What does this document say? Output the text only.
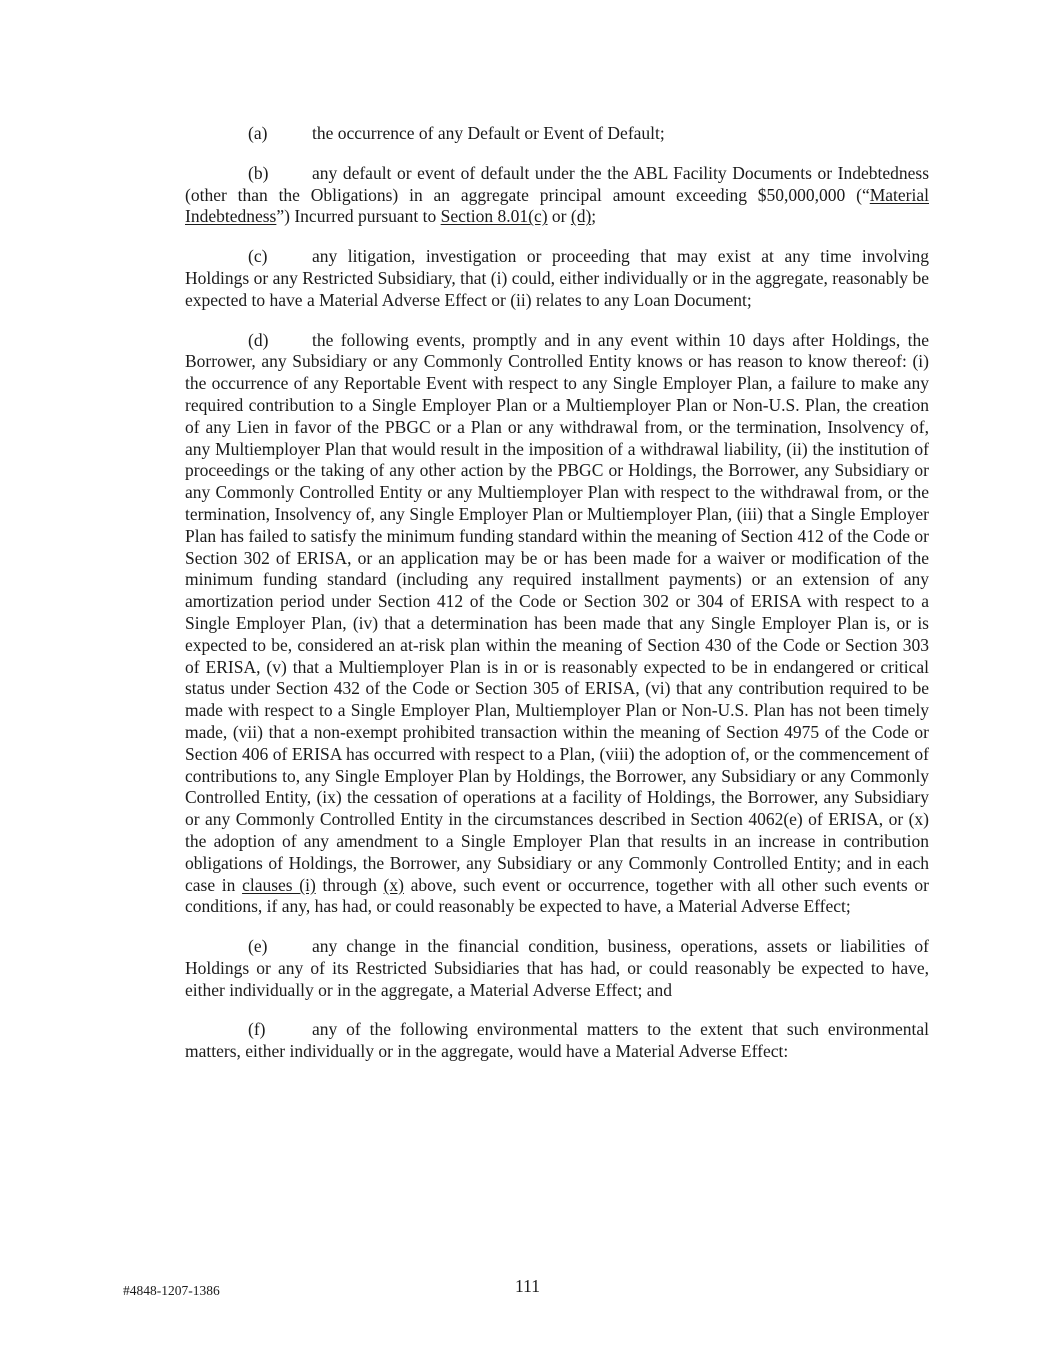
(a)	the occurrence of any Default or Event of Default;

(b) any default or event of default under the the ABL Facility Documents or Indebtedness (other than the Obligations) in an aggregate principal amount exceeding $50,000,000 (“Material Indebtedness”) Incurred pursuant to Section 8.01(c) or (d);

(c)	any litigation, investigation or proceeding that may exist at any time involving Holdings or any Restricted Subsidiary, that (i) could, either individually or in the aggregate, reasonably be expected to have a Material Adverse Effect or (ii) relates to any Loan Document;

(d) the following events, promptly and in any event within 10 days after Holdings, the Borrower, any Subsidiary or any Commonly Controlled Entity knows or has reason to know thereof: (i) the occurrence of any Reportable Event with respect to any Single Employer Plan, a failure to make any required contribution to a Single Employer Plan or a Multiemployer Plan or Non-U.S. Plan, the creation of any Lien in favor of the PBGC or a Plan or any withdrawal from, or the termination, Insolvency of, any Multiemployer Plan that would result in the imposition of a withdrawal liability, (ii) the institution of proceedings or the taking of any other action by the PBGC or Holdings, the Borrower, any Subsidiary or any Commonly Controlled Entity or any Multiemployer Plan with respect to the withdrawal from, or the termination, Insolvency of, any Single Employer Plan or Multiemployer Plan, (iii) that a Single Employer Plan has failed to satisfy the minimum funding standard within the meaning of Section 412 of the Code or Section 302 of ERISA, or an application may be or has been made for a waiver or modification of the minimum funding standard (including any required installment payments) or an extension of any amortization period under Section 412 of the Code or Section 302 or 304 of ERISA with respect to a Single Employer Plan, (iv) that a determination has been made that any Single Employer Plan is, or is expected to be, considered an at-risk plan within the meaning of Section 430 of the Code or Section 303 of ERISA, (v) that a Multiemployer Plan is in or is reasonably expected to be in endangered or critical status under Section 432 of the Code or Section 305 of ERISA, (vi) that any contribution required to be made with respect to a Single Employer Plan, Multiemployer Plan or Non-U.S. Plan has not been timely made, (vii) that a non-exempt prohibited transaction within the meaning of Section 4975 of the Code or Section 406 of ERISA has occurred with respect to a Plan, (viii) the adoption of, or the commencement of contributions to, any Single Employer Plan by Holdings, the Borrower, any Subsidiary or any Commonly Controlled Entity, (ix) the cessation of operations at a facility of Holdings, the Borrower, any Subsidiary or any Commonly Controlled Entity in the circumstances described in Section 4062(e) of ERISA, or (x) the adoption of any amendment to a Single Employer Plan that results in an increase in contribution obligations of Holdings, the Borrower, any Subsidiary or any Commonly Controlled Entity; and in each case in clauses (i) through (x) above, such event or occurrence, together with all other such events or conditions, if any, has had, or could reasonably be expected to have, a Material Adverse Effect;

(e)	any change in the financial condition, business, operations, assets or liabilities of Holdings or any of its Restricted Subsidiaries that has had, or could reasonably be expected to have, either individually or in the aggregate, a Material Adverse Effect; and

(f)	any of the following environmental matters to the extent that such environmental matters, either individually or in the aggregate, would have a Material Adverse Effect:

#4848-1207-1386	111
